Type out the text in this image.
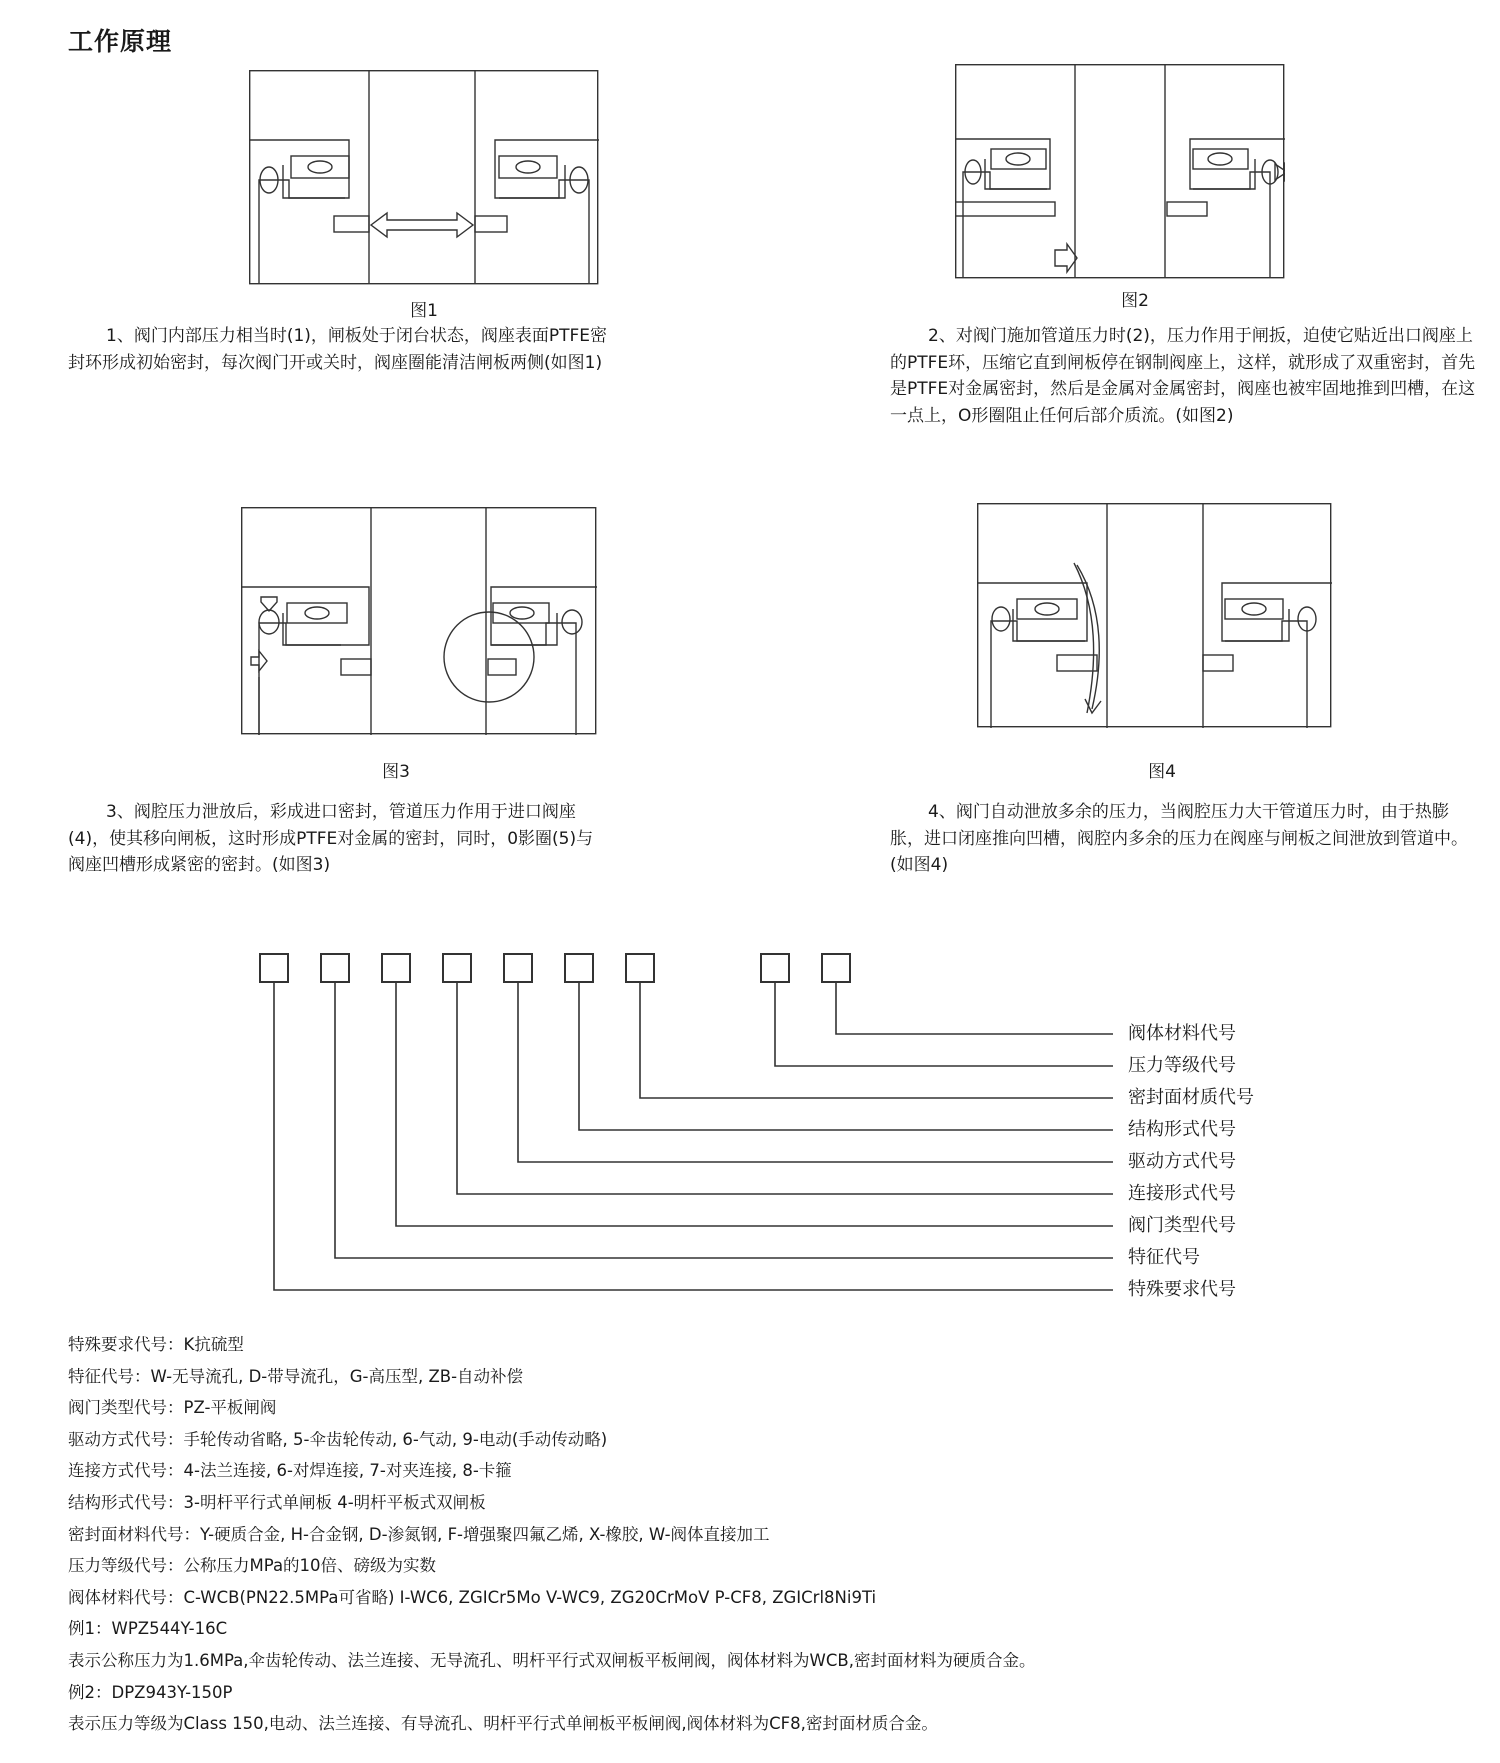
工作原理
图1
1、阀门内部压力相当时(1)，闸板处于闭台状态，阀座表面PTFE密封环形成初始密封，每次阀门开或关时，阀座圈能清洁闸板两侧(如图1)
图2
2、对阀门施加管道压力时(2)，压力作用于闸扳，迫使它贴近出口阀座上的PTFE环，压缩它直到闸板停在钢制阀座上，这样，就形成了双重密封，首先是PTFE对金属密封，然后是金属对金属密封，阀座也被牢固地推到凹槽，在这一点上，O形圈阻止任何后部介质流。(如图2)
图3
3、阀腔压力泄放后，彩成进口密封，管道压力作用于进口阀座(4)，使其移向闸板，这时形成PTFE对金属的密封，同时，0影圈(5)与阀座凹槽形成紧密的密封。(如图3)
图4
4、阀门自动泄放多余的压力，当阀腔压力大干管道压力时，由于热膨胀，进口闭座推向凹槽，阀腔内多余的压力在阀座与闸板之间泄放到管道中。(如图4)
阀体材料代号
压力等级代号
密封面材质代号
结构形式代号
驱动方式代号
连接形式代号
阀门类型代号
特征代号
特殊要求代号
特殊要求代号：K抗硫型
特征代号：W-无导流孔, D-带导流孔，G-高压型, ZB-自动补偿
阀门类型代号：PZ-平板闸阀
驱动方式代号：手轮传动省略, 5-伞齿轮传动, 6-气动, 9-电动(手动传动略)
连接方式代号：4-法兰连接, 6-对焊连接, 7-对夹连接, 8-卡箍
结构形式代号：3-明杆平行式单闸板 4-明杆平板式双闸板
密封面材料代号：Y-硬质合金, H-合金钢, D-渗氮钢, F-增强聚四氟乙烯, X-橡胶, W-阀体直接加工
压力等级代号：公称压力MPa的10倍、磅级为实数
阀体材料代号：C-WCB(PN22.5MPa可省略) I-WC6, ZGICr5Mo V-WC9, ZG20CrMoV P-CF8, ZGICrl8Ni9Ti
例1：WPZ544Y-16C
表示公称压力为1.6MPa,伞齿轮传动、法兰连接、无导流孔、明杆平行式双闸板平板闸阀，阀体材料为WCB,密封面材料为硬质合金。
例2：DPZ943Y-150P
表示压力等级为Class 150,电动、法兰连接、有导流孔、明杆平行式单闸板平板闸阀,阀体材料为CF8,密封面材质合金。
